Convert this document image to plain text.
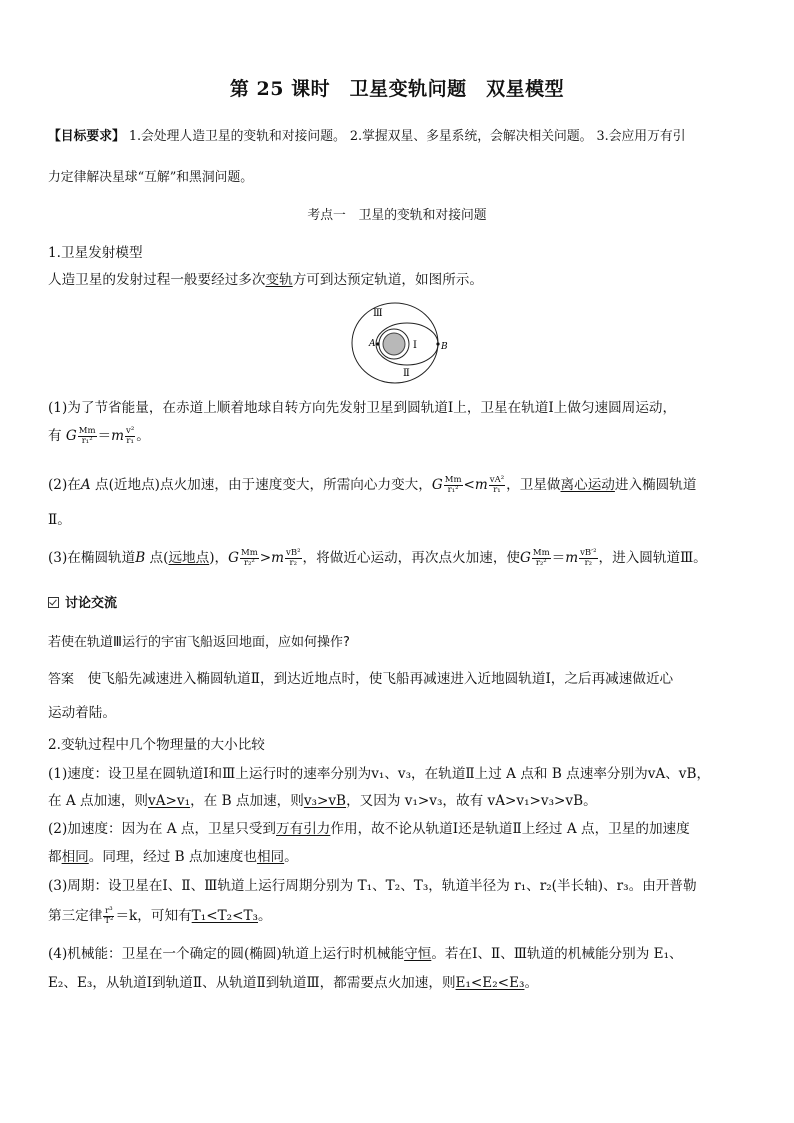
第 25 课时　卫星变轨问题　双星模型
【目标要求】 1.会处理人造卫星的变轨和对接问题。 2.掌握双星、多星系统，会解决相关问题。 3.会应用万有引
力定律解决星球“互解”和黑洞问题。
考点一　卫星的变轨和对接问题
1.卫星发射模型
人造卫星的发射过程一般要经过多次变轨方可到达预定轨道，如图所示。
Ⅲ
A	Ⅰ	B
Ⅱ
(1)为了节省能量，在赤道上顺着地球自转方向先发射卫星到圆轨道Ⅰ上，卫星在轨道Ⅰ上做匀速圆周运动，
有 G $\frac{Mm}{\text{r₁²}} =m \frac{\text{v²}}{\text{r₁}}$ 。
(2)在A 点(近地点)点火加速，由于速度变大，所需向心力变大，G $\frac{Mm}{\text{r₁²}} <m \frac{\text{vA²}}{\text{r₁}}$ ，卫星做离心运动进入椭圆轨道
Ⅱ。
(3)在椭圆轨道B 点(远地点)，G $\frac{Mm}{\text{r₂²}} >m \frac{\text{vB²}}{\text{r₂}}$ ，将做近心运动，再次点火加速，使G $\frac{Mm}{\text{r₂²}} =m \frac{\text{vB′²}}{\text{r₂}}$ ，进入圆轨道Ⅲ。
讨论交流
若使在轨道Ⅲ运行的宇宙飞船返回地面，应如何操作?
答案　使飞船先减速进入椭圆轨道Ⅱ，到达近地点时，使飞船再减速进入近地圆轨道Ⅰ，之后再减速做近心
运动着陆。
2.变轨过程中几个物理量的大小比较
(1)速度：设卫星在圆轨道Ⅰ和Ⅲ上运行时的速率分别为v₁、v₃，在轨道Ⅱ上过 A 点和 B 点速率分别为vA、vB，
在 A 点加速，则vA>v₁，在 B 点加速，则v₃>vB，又因为 v₁>v₃，故有 vA>v₁>v₃>vB。
(2)加速度：因为在 A 点，卫星只受到万有引力作用，故不论从轨道Ⅰ还是轨道Ⅱ上经过 A 点，卫星的加速度
都相同。同理，经过 B 点加速度也相同。
(3)周期：设卫星在Ⅰ、Ⅱ、Ⅲ轨道上运行周期分别为 T₁、T₂、T₃，轨道半径为 r₁、r₂(半长轴)、r₃。由开普勒
第三定律 $\frac{\text{r³}}{\text{T²}} =k$，可知有T₁<T₂<T₃。
(4)机械能：卫星在一个确定的圆(椭圆)轨道上运行时机械能守恒。若在Ⅰ、Ⅱ、Ⅲ轨道的机械能分别为 E₁、
E₂、E₃，从轨道Ⅰ到轨道Ⅱ、从轨道Ⅱ到轨道Ⅲ，都需要点火加速，则E₁<E₂<E₃。
